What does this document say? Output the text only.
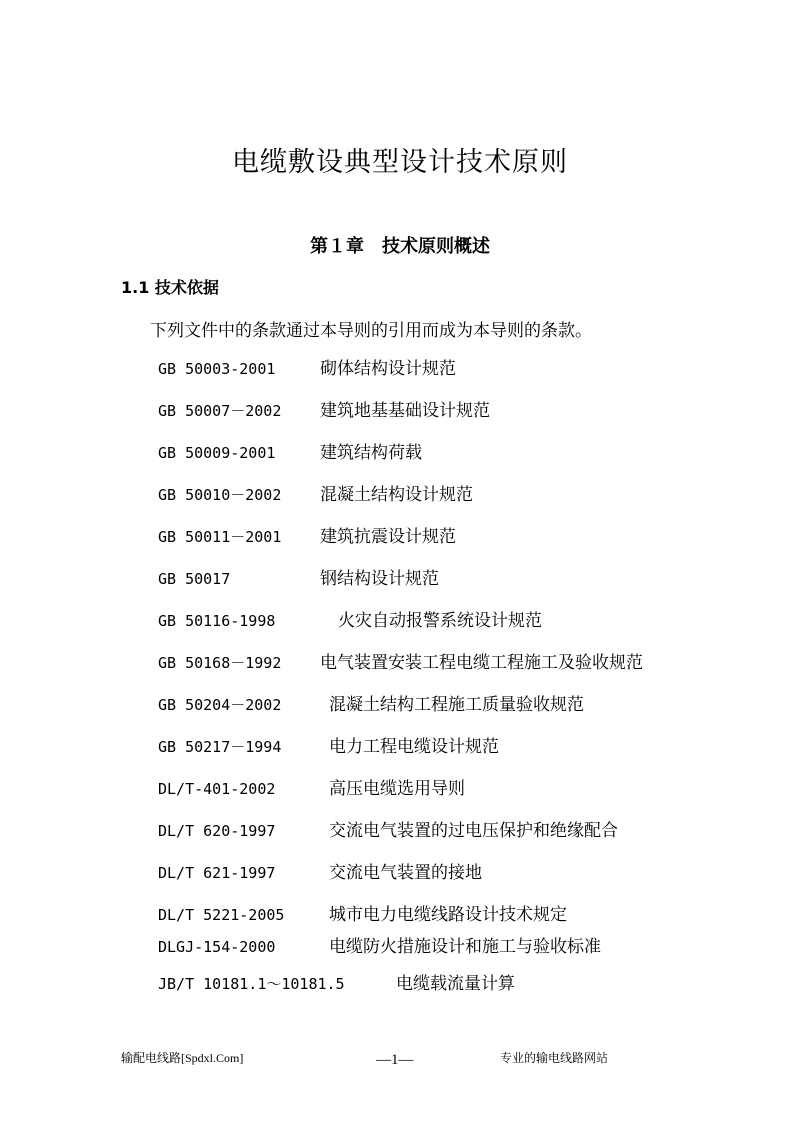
电缆敷设典型设计技术原则
第１章　技术原则概述
1.1 技术依据
下列文件中的条款通过本导则的引用而成为本导则的条款。
GB 50003-2001	砌体结构设计规范
GB 50007－2002 建筑地基基础设计规范
GB 50009-2001	建筑结构荷载
GB 50010－2002 混凝土结构设计规范
GB 50011－2001 建筑抗震设计规范
GB 50017	钢结构设计规范
GB 50116-1998	火灾自动报警系统设计规范
GB 50168－1992 电气装置安装工程电缆工程施工及验收规范
GB 50204－2002	混凝土结构工程施工质量验收规范
GB 50217－1994	电力工程电缆设计规范
DL/T-401-2002	高压电缆选用导则
DL/T 620-1997	交流电气装置的过电压保护和绝缘配合
DL/T 621-1997	交流电气装置的接地
DL/T 5221-2005	城市电力电缆线路设计技术规定
DLGJ-154-2000	电缆防火措施设计和施工与验收标准
JB/T 10181.1～10181.5	电缆载流量计算
输配电线路[Spdxl.Com]	—1—	专业的输电线路网站
